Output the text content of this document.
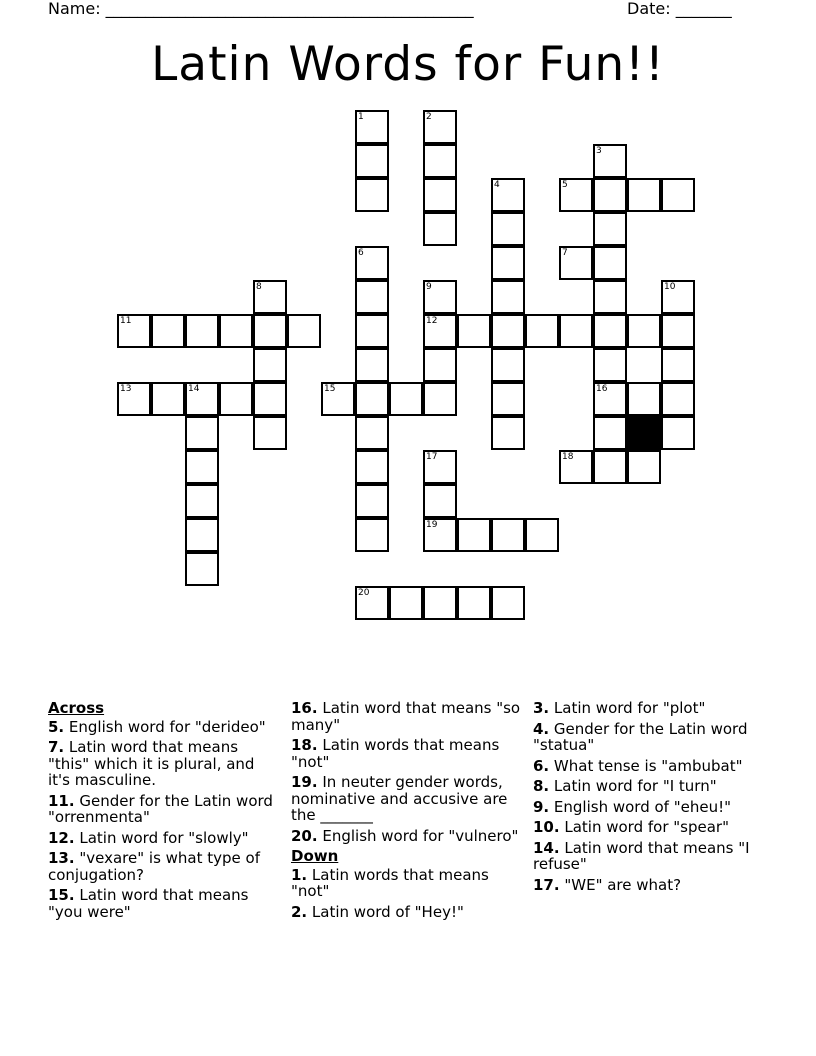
Name: ______________________________________________	Date: _______
Latin Words for Fun!!
1	2
3
16
4	5
6	7
8	9
12
10
11
13	14	15
17
19
18
20
Across
5. English word for "derideo"
7. Latin word that means "this" which it is plural, and it's masculine.
11. Gender for the Latin word "orrenmenta"
12. Latin word for "slowly"
13. "vexare" is what type of conjugation?
15. Latin word that means "you were"
16. Latin word that means "so many"
18. Latin words that means "not"
19. In neuter gender words, nominative and accusive are the _______
20. English word for "vulnero"
Down
1. Latin words that means "not"
2. Latin word of "Hey!"
3. Latin word for "plot"
4. Gender for the Latin word "statua"
6. What tense is "ambubat"
8. Latin word for "I turn"
9. English word of "eheu!"
10. Latin word for "spear"
14. Latin word that means "I refuse"
17. "WE" are what?
